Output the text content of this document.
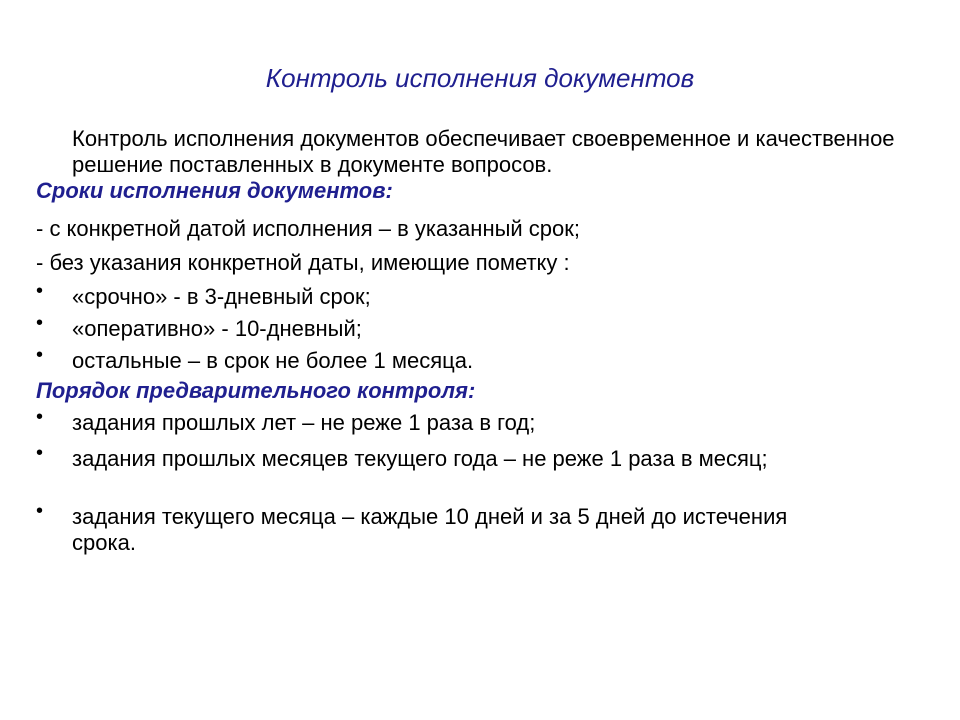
Контроль исполнения документов
Контроль исполнения документов обеспечивает своевременное и качественное решение поставленных в документе вопросов.
Сроки исполнения документов:
- с конкретной датой исполнения – в указанный срок;
- без указания конкретной даты, имеющие пометку :
• «срочно» - в 3-дневный срок;
• «оперативно» - 10-дневный;
• остальные – в срок не более 1 месяца.
Порядок предварительного контроля:
• задания прошлых лет – не реже 1 раза в год;
• задания прошлых месяцев текущего года – не реже 1 раза в месяц;
• задания текущего месяца – каждые 10 дней и за 5 дней до истечения срока.
